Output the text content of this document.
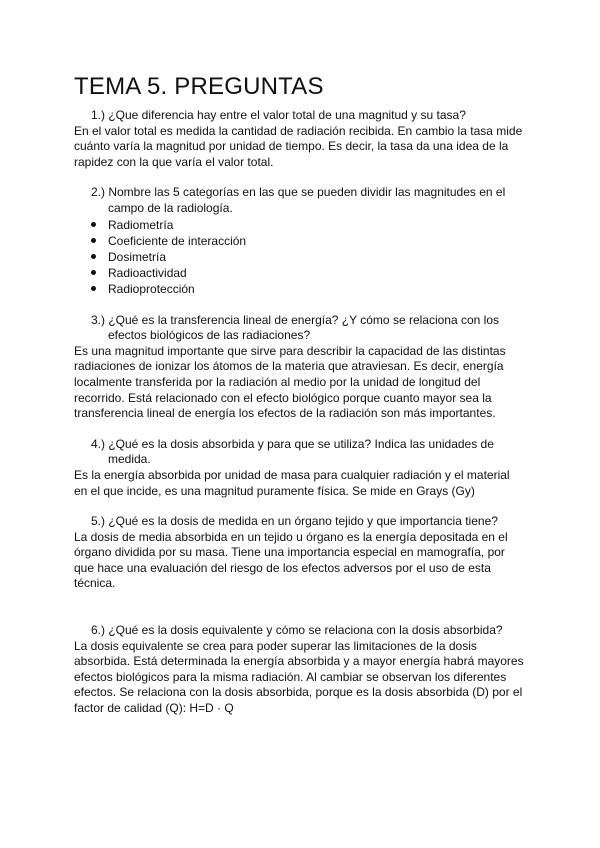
TEMA 5. PREGUNTAS

1.) ¿Que diferencia hay entre el valor total de una magnitud y su tasa?

En el valor total es medida la cantidad de radiación recibida. En cambio la tasa mide cuánto varía la magnitud por unidad de tiempo. Es decir, la tasa da una idea de la rapidez con la que varía el valor total.

2.) Nombre las 5 categorías en las que se pueden dividir las magnitudes en el campo de la radiología.

Radiometría
Coeficiente de interacción
Dosimetría
Radioactividad
Radioprotección

3.) ¿Qué es la transferencia lineal de energía? ¿Y cómo se relaciona con los efectos biológicos de las radiaciones?

Es una magnitud importante que sirve para describir la capacidad de las distintas radiaciones de ionizar los átomos de la materia que atraviesan. Es decir, energía localmente transferida por la radiación al medio por la unidad de longitud del recorrido. Está relacionado con el efecto biológico porque cuanto mayor sea la transferencia lineal de energía los efectos de la radiación son más importantes.

4.) ¿Qué es la dosis absorbida y para que se utiliza? Indica las unidades de medida.

Es la energía absorbida por unidad de masa para cualquier radiación y el material en el que incide, es una magnitud puramente física. Se mide en Grays (Gy)

5.) ¿Qué es la dosis de medida en un órgano tejido y que importancia tiene?

La dosis de media absorbida en un tejido u órgano es la energía depositada en el órgano dividida por su masa. Tiene una importancia especial en mamografía, por que hace una evaluación del riesgo de los efectos adversos por el uso de esta técnica.

6.) ¿Qué es la dosis equivalente y cómo se relaciona con la dosis absorbida?

La dosis equivalente se crea para poder superar las limitaciones de la dosis absorbida. Está determinada la energía absorbida y a mayor energía habrá mayores efectos biológicos para la misma radiación. Al cambiar se observan los diferentes efectos. Se relaciona con la dosis absorbida, porque es la dosis absorbida (D) por el factor de calidad (Q): H=D · Q
